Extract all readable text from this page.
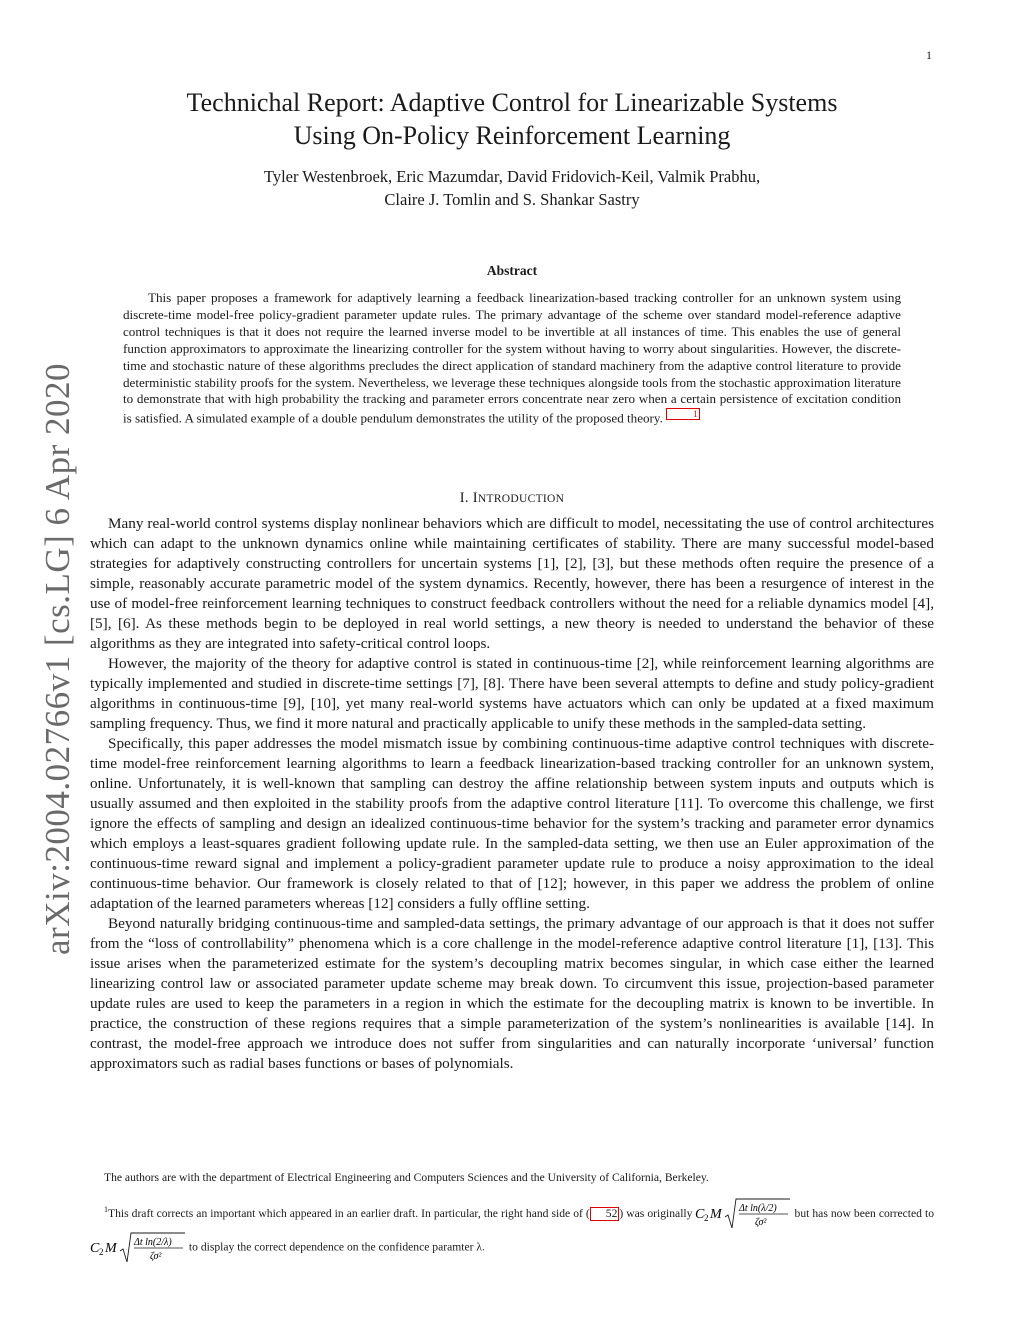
1
arXiv:2004.02766v1 [cs.LG] 6 Apr 2020
Technichal Report: Adaptive Control for Linearizable Systems
Using On-Policy Reinforcement Learning
Tyler Westenbroek, Eric Mazumdar, David Fridovich-Keil, Valmik Prabhu,
Claire J. Tomlin and S. Shankar Sastry
Abstract
This paper proposes a framework for adaptively learning a feedback linearization-based tracking controller for an unknown system using discrete-time model-free policy-gradient parameter update rules. The primary advantage of the scheme over standard model-reference adaptive control techniques is that it does not require the learned inverse model to be invertible at all instances of time. This enables the use of general function approximators to approximate the linearizing controller for the system without having to worry about singularities. However, the discrete-time and stochastic nature of these algorithms precludes the direct application of standard machinery from the adaptive control literature to provide deterministic stability proofs for the system. Nevertheless, we leverage these techniques alongside tools from the stochastic approximation literature to demonstrate that with high probability the tracking and parameter errors concentrate near zero when a certain persistence of excitation condition is satisfied. A simulated example of a double pendulum demonstrates the utility of the proposed theory.	1
I. INTRODUCTION

Many real-world control systems display nonlinear behaviors which are difficult to model, necessitating the use of control architectures which can adapt to the unknown dynamics online while maintaining certificates of stability. There are many successful model-based strategies for adaptively constructing controllers for uncertain systems [1], [2], [3], but these methods often require the presence of a simple, reasonably accurate parametric model of the system dynamics. Recently, however, there has been a resurgence of interest in the use of model-free reinforcement learning techniques to construct feedback controllers without the need for a reliable dynamics model [4], [5], [6]. As these methods begin to be deployed in real world settings, a new theory is needed to understand the behavior of these algorithms as they are integrated into safety-critical control loops.

However, the majority of the theory for adaptive control is stated in continuous-time [2], while reinforcement learning algorithms are typically implemented and studied in discrete-time settings [7], [8]. There have been several attempts to define and study policy-gradient algorithms in continuous-time [9], [10], yet many real-world systems have actuators which can only be updated at a fixed maximum sampling frequency. Thus, we find it more natural and practically applicable to unify these methods in the sampled-data setting.

Specifically, this paper addresses the model mismatch issue by combining continuous-time adaptive control techniques with discrete-time model-free reinforcement learning algorithms to learn a feedback linearization-based tracking controller for an unknown system, online. Unfortunately, it is well-known that sampling can destroy the affine relationship between system inputs and outputs which is usually assumed and then exploited in the stability proofs from the adaptive control literature [11]. To overcome this challenge, we first ignore the effects of sampling and design an idealized continuous-time behavior for the system’s tracking and parameter error dynamics which employs a least-squares gradient following update rule. In the sampled-data setting, we then use an Euler approximation of the continuous-time reward signal and implement a policy-gradient parameter update rule to produce a noisy approximation to the ideal continuous-time behavior. Our framework is closely related to that of [12]; however, in this paper we address the problem of online adaptation of the learned parameters whereas [12] considers a fully offline setting.

Beyond naturally bridging continuous-time and sampled-data settings, the primary advantage of our approach is that it does not suffer from the “loss of controllability” phenomena which is a core challenge in the model-reference adaptive control literature [1], [13]. This issue arises when the parameterized estimate for the system’s decoupling matrix becomes singular, in which case either the learned linearizing control law or associated parameter update scheme may break down. To circumvent this issue, projection-based parameter update rules are used to keep the parameters in a region in which the estimate for the decoupling matrix is known to be invertible. In practice, the construction of these regions requires that a simple parameterization of the system’s nonlinearities is available [14]. In contrast, the model-free approach we introduce does not suffer from singularities and can naturally incorporate ‘universal’ function approximators such as radial bases functions or bases of polynomials.

The authors are with the department of Electrical Engineering and Computers Sciences and the University of California, Berkeley.
$^1$This draft corrects an important which appeared in an earlier draft. In particular, the right hand side of ( 52 ) was originally C 2 M Δt ln(λ/2)
ζσ²
but has now been corrected to
C 2 M Δt ln(2/λ)
ζσ²
to display the correct dependence on the confidence paramter λ.
